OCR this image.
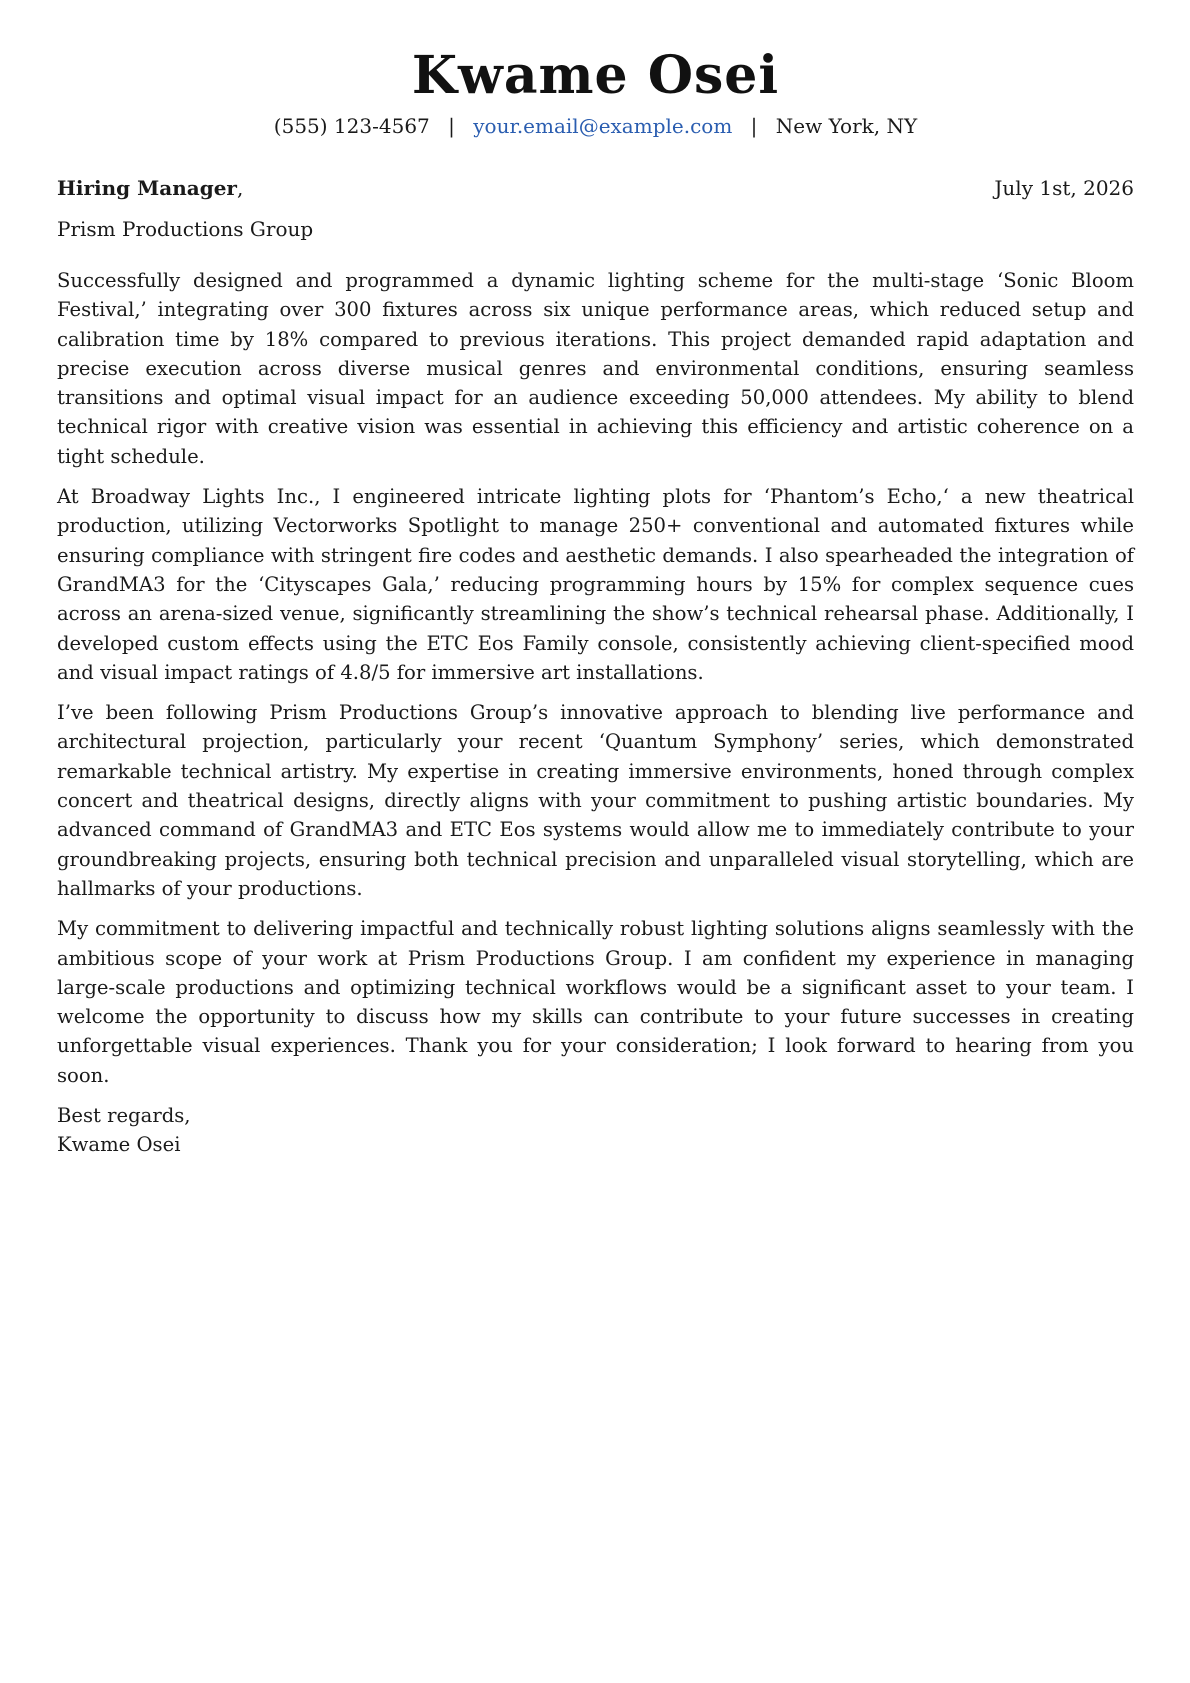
Kwame Osei
(555) 123-4567 | your.email@example.com | New York, NY
Hiring Manager,	July 1st, 2026
Prism Productions Group

Successfully designed and programmed a dynamic lighting scheme for the multi-stage ‘Sonic Bloom Festival,’ integrating over 300 fixtures across six unique performance areas, which reduced setup and calibration time by 18% compared to previous iterations. This project demanded rapid adaptation and precise execution across diverse musical genres and environmental conditions, ensuring seamless transitions and optimal visual impact for an audience exceeding 50,000 attendees. My ability to blend technical rigor with creative vision was essential in achieving this efficiency and artistic coherence on a tight schedule.

At Broadway Lights Inc., I engineered intricate lighting plots for ‘Phantom’s Echo,‘ a new theatrical production, utilizing Vectorworks Spotlight to manage 250+ conventional and automated fixtures while ensuring compliance with stringent fire codes and aesthetic demands. I also spearheaded the integration of GrandMA3 for the ‘Cityscapes Gala,’ reducing programming hours by 15% for complex sequence cues across an arena-sized venue, significantly streamlining the show’s technical rehearsal phase. Additionally, I developed custom effects using the ETC Eos Family console, consistently achieving client-specified mood and visual impact ratings of 4.8/5 for immersive art installations.

I’ve been following Prism Productions Group’s innovative approach to blending live performance and architectural projection, particularly your recent ‘Quantum Symphony’ series, which demonstrated remarkable technical artistry. My expertise in creating immersive environments, honed through complex concert and theatrical designs, directly aligns with your commitment to pushing artistic boundaries. My advanced command of GrandMA3 and ETC Eos systems would allow me to immediately contribute to your groundbreaking projects, ensuring both technical precision and unparalleled visual storytelling, which are hallmarks of your productions.

My commitment to delivering impactful and technically robust lighting solutions aligns seamlessly with the ambitious scope of your work at Prism Productions Group. I am confident my experience in managing large-scale productions and optimizing technical workflows would be a significant asset to your team. I welcome the opportunity to discuss how my skills can contribute to your future successes in creating unforgettable visual experiences. Thank you for your consideration; I look forward to hearing from you soon.

Best regards,
Kwame Osei
